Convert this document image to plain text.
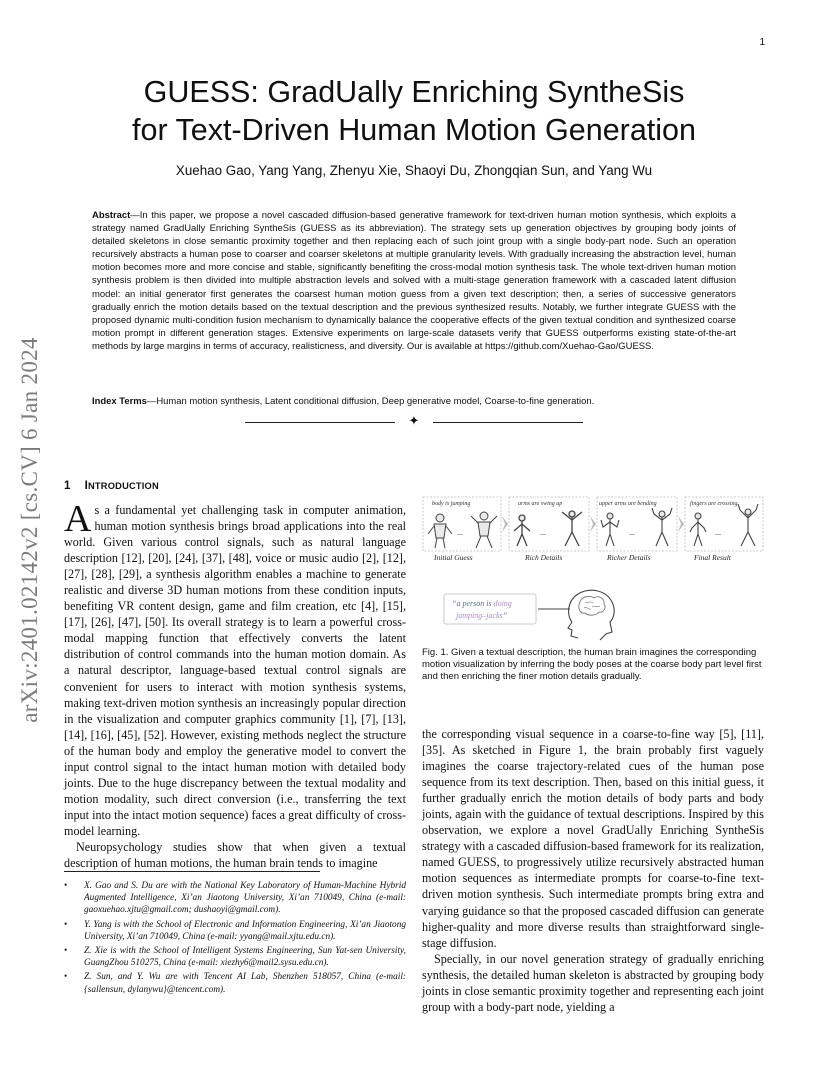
1
arXiv:2401.02142v2 [cs.CV] 6 Jan 2024
GUESS: GradUally Enriching SyntheSis
for Text-Driven Human Motion Generation
Xuehao Gao, Yang Yang, Zhenyu Xie, Shaoyi Du, Zhongqian Sun, and Yang Wu
Abstract—In this paper, we propose a novel cascaded diffusion-based generative framework for text-driven human motion synthesis, which exploits a strategy named GradUally Enriching SyntheSis (GUESS as its abbreviation). The strategy sets up generation objectives by grouping body joints of detailed skeletons in close semantic proximity together and then replacing each of such joint group with a single body-part node. Such an operation recursively abstracts a human pose to coarser and coarser skeletons at multiple granularity levels. With gradually increasing the abstraction level, human motion becomes more and more concise and stable, significantly benefiting the cross-modal motion synthesis task. The whole text-driven human motion synthesis problem is then divided into multiple abstraction levels and solved with a multi-stage generation framework with a cascaded latent diffusion model: an initial generator first generates the coarsest human motion guess from a given text description; then, a series of successive generators gradually enrich the motion details based on the textual description and the previous synthesized results. Notably, we further integrate GUESS with the proposed dynamic multi-condition fusion mechanism to dynamically balance the cooperative effects of the given textual condition and synthesized coarse motion prompt in different generation stages. Extensive experiments on large-scale datasets verify that GUESS outperforms existing state-of-the-art methods by large margins in terms of accuracy, realisticness, and diversity. Our is available at https://github.com/Xuehao-Gao/GUESS.
Index Terms—Human motion synthesis, Latent conditional diffusion, Deep generative model, Coarse-to-fine generation.
✦
1 INTRODUCTION

As a fundamental yet challenging task in computer animation, human motion synthesis brings broad applications into the real world. Given various control signals, such as natural language description [12], [20], [24], [37], [48], voice or music audio [2], [12], [27], [28], [29], a synthesis algorithm enables a machine to generate realistic and diverse 3D human motions from these condition inputs, benefiting VR content design, game and film creation, etc [4], [15], [17], [26], [47], [50]. Its overall strategy is to learn a powerful cross-modal mapping function that effectively converts the latent distribution of control commands into the human motion domain. As a natural descriptor, language-based textual control signals are convenient for users to interact with motion synthesis systems, making text-driven motion synthesis an increasingly popular direction in the visualization and computer graphics community [1], [7], [13], [14], [16], [45], [52]. However, existing methods neglect the structure of the human body and employ the generative model to convert the input control signal to the intact human motion with detailed body joints. Due to the huge discrepancy between the textual modality and motion modality, such direct conversion (i.e., transferring the text input into the intact motion sequence) faces a great difficulty of cross-model learning.

Neuropsychology studies show that when given a textual description of human motions, the human brain tends to imagine

• X. Gao and S. Du are with the National Key Laboratory of Human-Machine Hybrid Augmented Intelligence, Xi’an Jiaotong University, Xi’an 710049, China (e-mail: gaoxuehao.xjtu@gmail.com; dushaoyi@gmail.com).
• Y. Yang is with the School of Electronic and Information Engineering, Xi’an Jiaotong University, Xi’an 710049, China (e-mail: yyang@mail.xjtu.edu.cn).
• Z. Xie is with the School of Intelligent Systems Engineering, Sun Yat-sen University, GuangZhou 510275, China (e-mail: xiezhy6@mail2.sysu.edu.cn).
• Z. Sun, and Y. Wu are with Tencent AI Lab, Shenzhen 518057, China (e-mail: {sallensun, dylanywu}@tencent.com).
body is jumping
...
Initial Guess
arms are swing up
...
Rich Details
upper arms are bending
...
Richer Details
fingers are crossing
...
Final Result
“a person is doing
jumping–jacks”
Fig. 1. Given a textual description, the human brain imagines the corresponding motion visualization by inferring the body poses at the coarse body part level first and then enriching the finer motion details gradually.

the corresponding visual sequence in a coarse-to-fine way [5], [11], [35]. As sketched in Figure 1, the brain probably first vaguely imagines the coarse trajectory-related cues of the human pose sequence from its text description. Then, based on this initial guess, it further gradually enrich the motion details of body parts and body joints, again with the guidance of textual descriptions. Inspired by this observation, we explore a novel GradUally Enriching SyntheSis strategy with a cascaded diffusion-based framework for its realization, named GUESS, to progressively utilize recursively abstracted human motion sequences as intermediate prompts for coarse-to-fine text-driven motion synthesis. Such intermediate prompts bring extra and varying guidance so that the proposed cascaded diffusion can generate higher-quality and more diverse results than straightforward single-stage diffusion.

Specially, in our novel generation strategy of gradually enriching synthesis, the detailed human skeleton is abstracted by grouping body joints in close semantic proximity together and representing each joint group with a body-part node, yielding a
